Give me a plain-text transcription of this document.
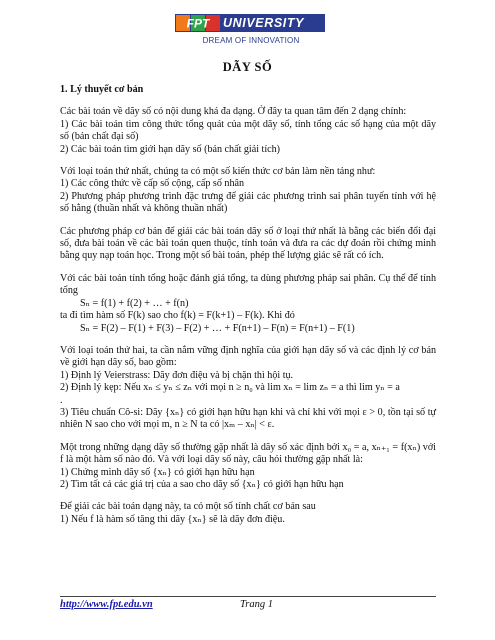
FPT UNIVERSITY
DREAM OF INNOVATION
DÃY SỐ

1. Lý thuyết cơ bản

Các bài toán về dãy số có nội dung khá đa dạng. Ở đây ta quan tâm đến 2 dạng chính:

1) Các bài toán tìm công thức tổng quát của một dãy số, tính tổng các số hạng của một dãy số (bản chất đại số)

2) Các bài toán tìm giới hạn dãy số (bản chất giải tích)

Với loại toán thứ nhất, chúng ta có một số kiến thức cơ bản làm nền tảng như:

1) Các công thức về cấp số cộng, cấp số nhân

2) Phương pháp phương trình đặc trưng để giải các phương trình sai phân tuyến tính với hệ số hằng (thuần nhất và không thuần nhất)

Các phương pháp cơ bản để giải các bài toán dãy số ở loại thứ nhất là bằng các biến đổi đại số, đưa bài toán về các bài toán quen thuộc, tính toán và đưa ra các dự đoán rồi chứng minh bằng quy nạp toán học. Trong một số bài toán, phép thế lượng giác sẽ rất có ích.

Với các bài toán tính tổng hoặc đánh giá tổng, ta dùng phương pháp sai phân. Cụ thể để tính tổng

Sₙ = f(1) + f(2) + … + f(n)

ta đi tìm hàm số F(k) sao cho f(k) = F(k+1) – F(k). Khi đó

Sₙ = F(2) – F(1) + F(3) – F(2) + … + F(n+1) – F(n) = F(n+1) – F(1)

Với loại toán thứ hai, ta cần nắm vững định nghĩa của giới hạn dãy số và các định lý cơ bản về giới hạn dãy số, bao gồm:

1) Định lý Veierstrass: Dãy đơn điệu và bị chặn thì hội tụ.

2) Định lý kẹp: Nếu xₙ ≤ yₙ ≤ zₙ với mọi n ≥ n₀ và lim xₙ = lim zₙ = a thì lim yₙ = a

.

3) Tiêu chuẩn Cô-si: Dãy {xₙ} có giới hạn hữu hạn khi và chỉ khi với mọi ε > 0, tồn tại số tự nhiên N sao cho với mọi m, n ≥ N ta có |xₘ – xₙ| < ε.

Một trong những dạng dãy số thường gặp nhất là dãy số xác định bởi x₀ = a, xₙ₊₁ = f(xₙ) với f là một hàm số nào đó. Và với loại dãy số này, câu hỏi thường gặp nhất là:

1) Chứng minh dãy số {xₙ} có giới hạn hữu hạn

2) Tìm tất cả các giá trị của a sao cho dãy số {xₙ} có giới hạn hữu hạn

Để giải các bài toán dạng này, ta có một số tính chất cơ bản sau

1) Nếu f là hàm số tăng thì dãy {xₙ} sẽ là dãy đơn điệu.

http://www.fpt.edu.vn	Trang 1
